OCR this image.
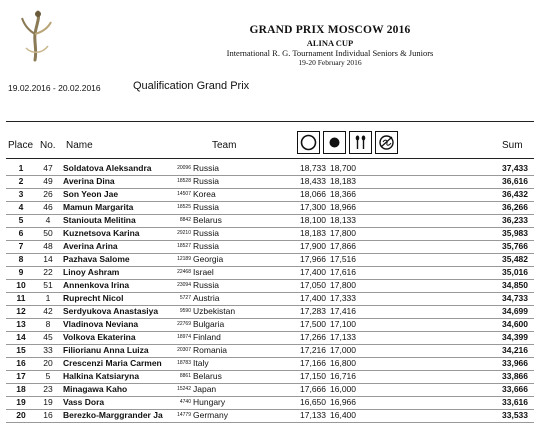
GRAND PRIX MOSCOW 2016
ALINA CUP
International R. G. Tournament Individual Seniors & Juniors
19-20 February 2016
19.02.2016 - 20.02.2016	Qualification Grand Prix
Place No. Name	Team	Sum
1	47	Soldatova Aleksandra	20096 Russia	18,733 18,700	37,433
2	49	Averina Dina	18528 Russia	18,433 18,183	36,616
3	26	Son Yeon Jae	14507 Korea	18,066 18,366	36,432
4	46	Mamun Margarita	18525 Russia	17,300 18,966	36,266
5	4	Staniouta Melitina	8842 Belarus	18,100 18,133	36,233
6	50	Kuznetsova Karina	29210 Russia	18,183 17,800	35,983
7	48	Averina Arina	18527 Russia	17,900 17,866	35,766
8	14	Pazhava Salome	12189 Georgia	17,966 17,516	35,482
9	22	Linoy Ashram	22468 Israel	17,400 17,616	35,016
10	51	Annenkova Irina	23094 Russia	17,050 17,800	34,850
11	1	Ruprecht Nicol	5727 Austria	17,400 17,333	34,733
12	42	Serdyukova Anastasiya	9590 Uzbekistan	17,283 17,416	34,699
13	8	Vladinova Neviana	22769 Bulgaria	17,500 17,100	34,600
14	45	Volkova Ekaterina	18974 Finland	17,266 17,133	34,399
15	33	Filiorianu Anna Luiza	20307 Romania	17,216 17,000	34,216
16	20	Crescenzi Maria Carmen	18783 Italy	17,166 16,800	33,966
17	5	Halkina Katsiaryna	8861 Belarus	17,150 16,716	33,866
18	23	Minagawa Kaho	15242 Japan	17,666 16,000	33,666
19	19	Vass Dora	4740 Hungary	16,650 16,966	33,616
20	16	Berezko-Marggrander Ja	14779 Germany	17,133 16,400	33,533
